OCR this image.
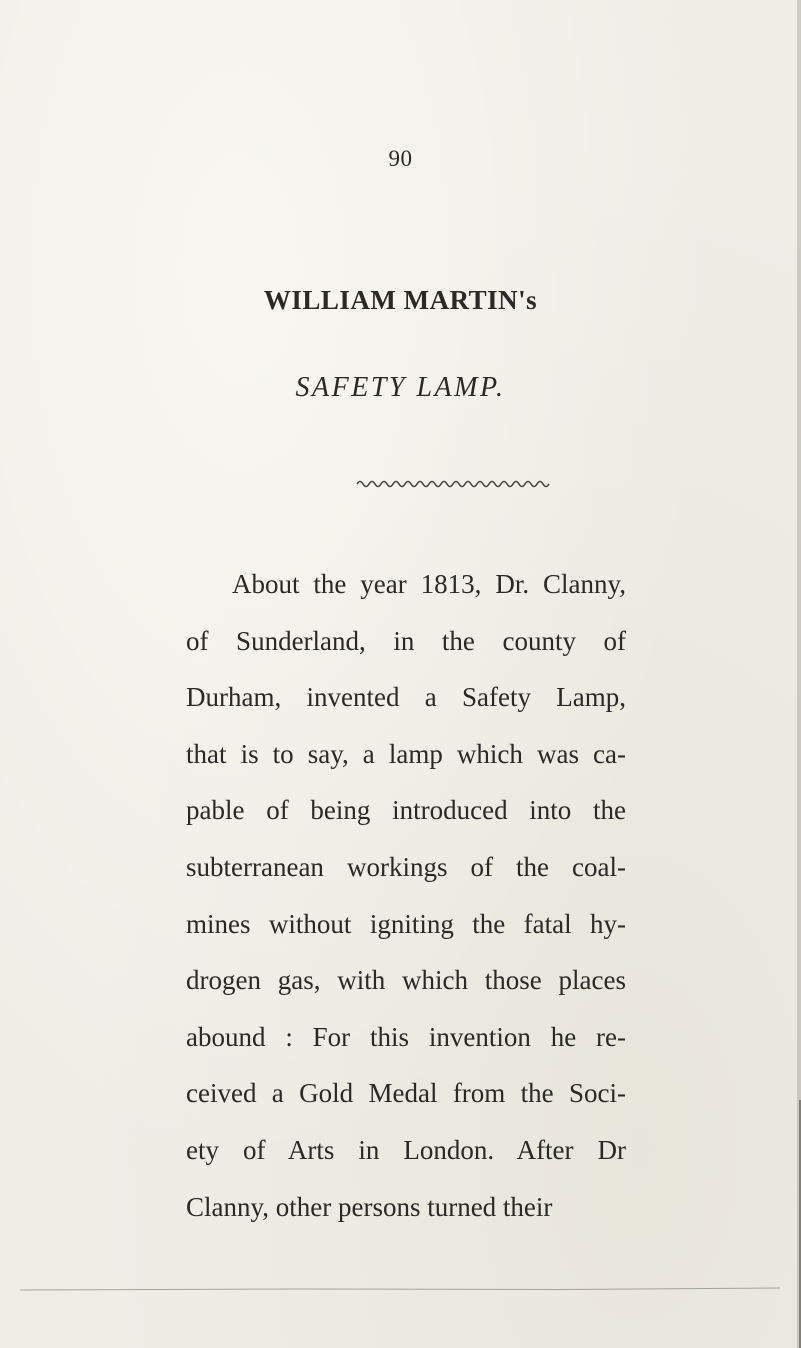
90
WILLIAM MARTIN's
SAFETY LAMP.
About the year 1813, Dr. Clanny,
of Sunderland, in the county of
Durham, invented a Safety Lamp,
that is to say, a lamp which was ca-
pable of being introduced into the
subterranean workings of the coal-
mines without igniting the fatal hy-
drogen gas, with which those places
abound : For this invention he re-
ceived a Gold Medal from the Soci-
ety of Arts in London. After Dr
Clanny, other persons turned their
